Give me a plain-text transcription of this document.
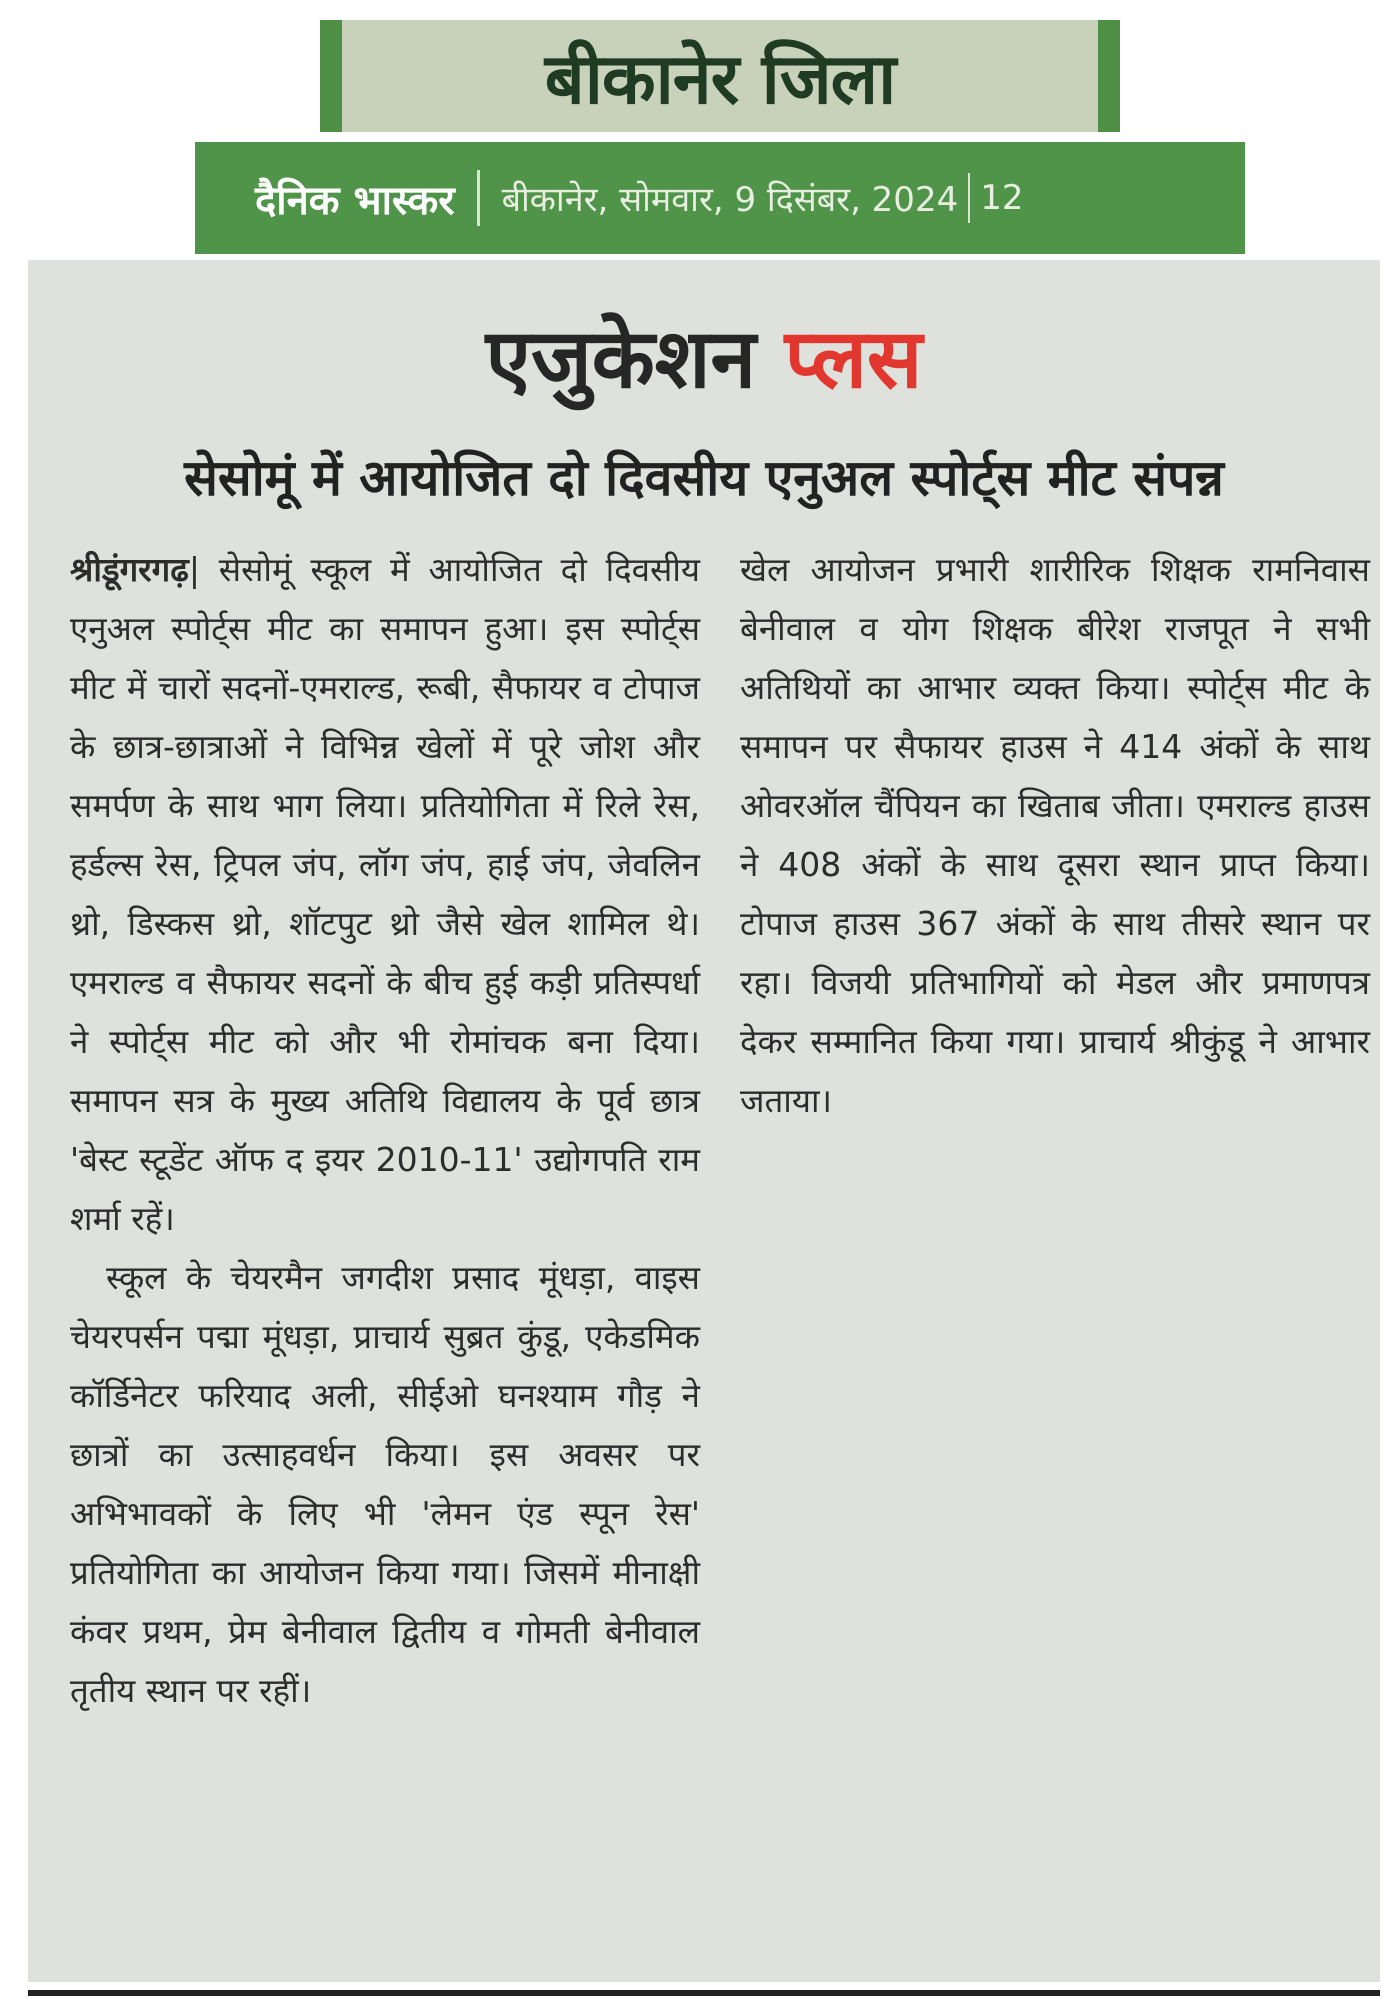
बीकानेर जिला
दैनिक भास्कर बीकानेर, सोमवार, 9 दिसंबर, 2024 12
एजुकेशन प्लस
सेसोमूं में आयोजित दो दिवसीय एनुअल स्पोर्ट्स मीट संपन्न

श्रीडूंगरगढ़| सेसोमूं स्कूल में आयोजित दो दिवसीय एनुअल स्पोर्ट्स मीट का समापन हुआ। इस स्पोर्ट्स मीट में चारों सदनों-एमराल्ड, रूबी, सैफायर व टोपाज के छात्र-छात्राओं ने विभिन्न खेलों में पूरे जोश और समर्पण के साथ भाग लिया। प्रतियोगिता में रिले रेस, हर्डल्स रेस, ट्रिपल जंप, लॉग जंप, हाई जंप, जेवलिन थ्रो, डिस्कस थ्रो, शॉटपुट थ्रो जैसे खेल शामिल थे। एमराल्ड व सैफायर सदनों के बीच हुई कड़ी प्रतिस्पर्धा ने स्पोर्ट्स मीट को और भी रोमांचक बना दिया। समापन सत्र के मुख्य अतिथि विद्यालय के पूर्व छात्र 'बेस्ट स्टूडेंट ऑफ द इयर 2010-11' उद्योगपति राम शर्मा रहें।

स्कूल के चेयरमैन जगदीश प्रसाद मूंधड़ा, वाइस चेयरपर्सन पद्मा मूंधड़ा, प्राचार्य सुब्रत कुंडू, एकेडमिक कॉर्डिनेटर फरियाद अली, सीईओ घनश्याम गौड़ ने छात्रों का उत्साहवर्धन किया। इस अवसर पर अभिभावकों के लिए भी 'लेमन एंड स्पून रेस' प्रतियोगिता का आयोजन किया गया। जिसमें मीनाक्षी कंवर प्रथम, प्रेम बेनीवाल द्वितीय व गोमती बेनीवाल तृतीय स्थान पर रहीं।

खेल आयोजन प्रभारी शारीरिक शिक्षक रामनिवास बेनीवाल व योग शिक्षक बीरेश राजपूत ने सभी अतिथियों का आभार व्यक्त किया। स्पोर्ट्स मीट के समापन पर सैफायर हाउस ने 414 अंकों के साथ ओवरऑल चैंपियन का खिताब जीता। एमराल्ड हाउस ने 408 अंकों के साथ दूसरा स्थान प्राप्त किया। टोपाज हाउस 367 अंकों के साथ तीसरे स्थान पर रहा। विजयी प्रतिभागियों को मेडल और प्रमाणपत्र देकर सम्मानित किया गया। प्राचार्य श्रीकुंडू ने आभार जताया।
